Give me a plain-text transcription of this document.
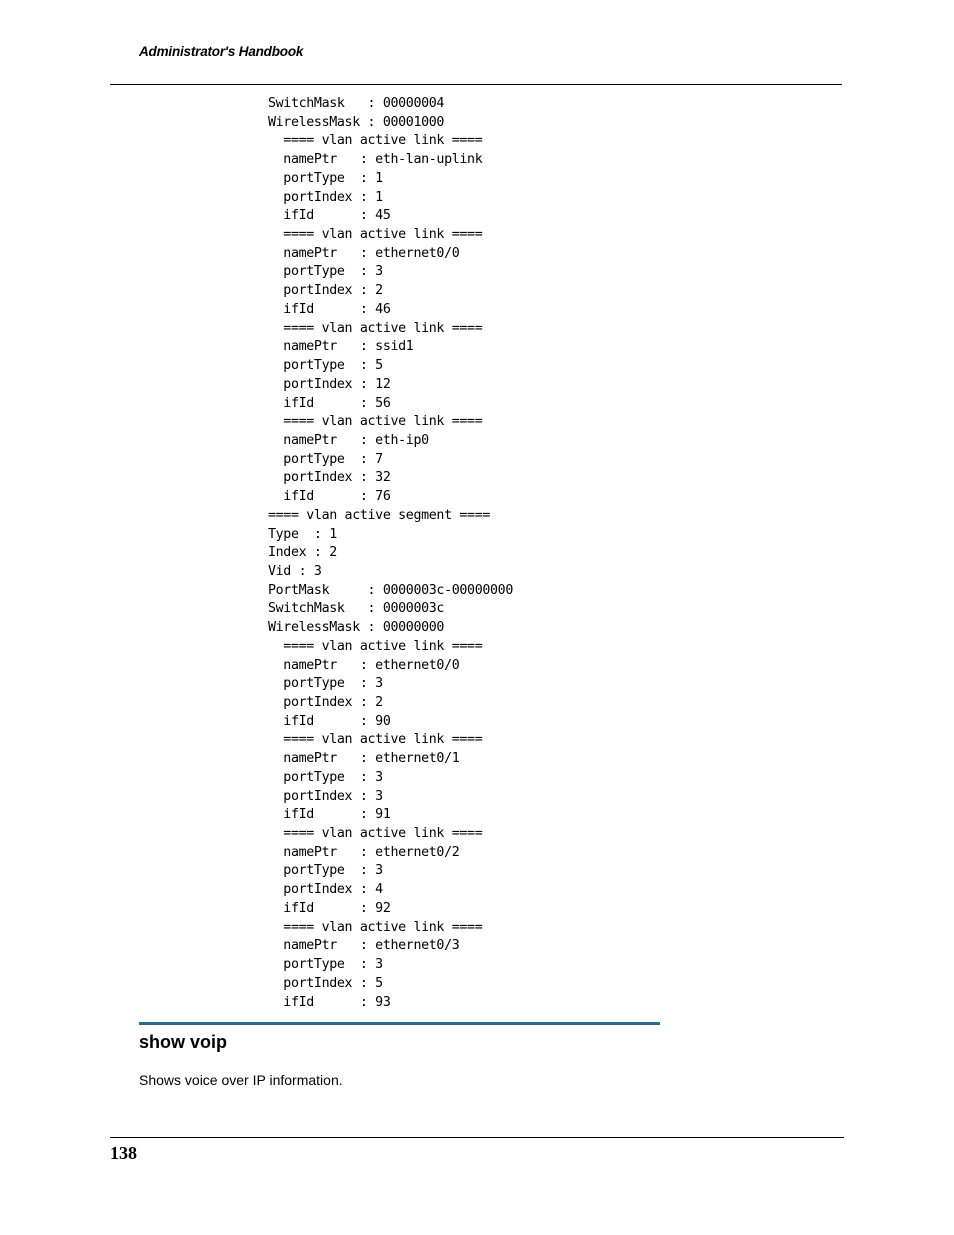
Administrator's Handbook
SwitchMask   : 00000004
WirelessMask : 00001000
==== vlan active link ====
namePtr   : eth-lan-uplink
portType  : 1
portIndex : 1
ifId      : 45
==== vlan active link ====
namePtr   : ethernet0/0
portType  : 3
portIndex : 2
ifId      : 46
==== vlan active link ====
namePtr   : ssid1
portType  : 5
portIndex : 12
ifId      : 56
==== vlan active link ====
namePtr   : eth-ip0
portType  : 7
portIndex : 32
ifId      : 76
==== vlan active segment ====
Type  : 1
Index : 2
Vid : 3
PortMask     : 0000003c-00000000
SwitchMask   : 0000003c
WirelessMask : 00000000
==== vlan active link ====
namePtr   : ethernet0/0
portType  : 3
portIndex : 2
ifId      : 90
==== vlan active link ====
namePtr   : ethernet0/1
portType  : 3
portIndex : 3
ifId      : 91
==== vlan active link ====
namePtr   : ethernet0/2
portType  : 3
portIndex : 4
ifId      : 92
==== vlan active link ====
namePtr   : ethernet0/3
portType  : 3
portIndex : 5
ifId      : 93
show voip

Shows voice over IP information.

138
